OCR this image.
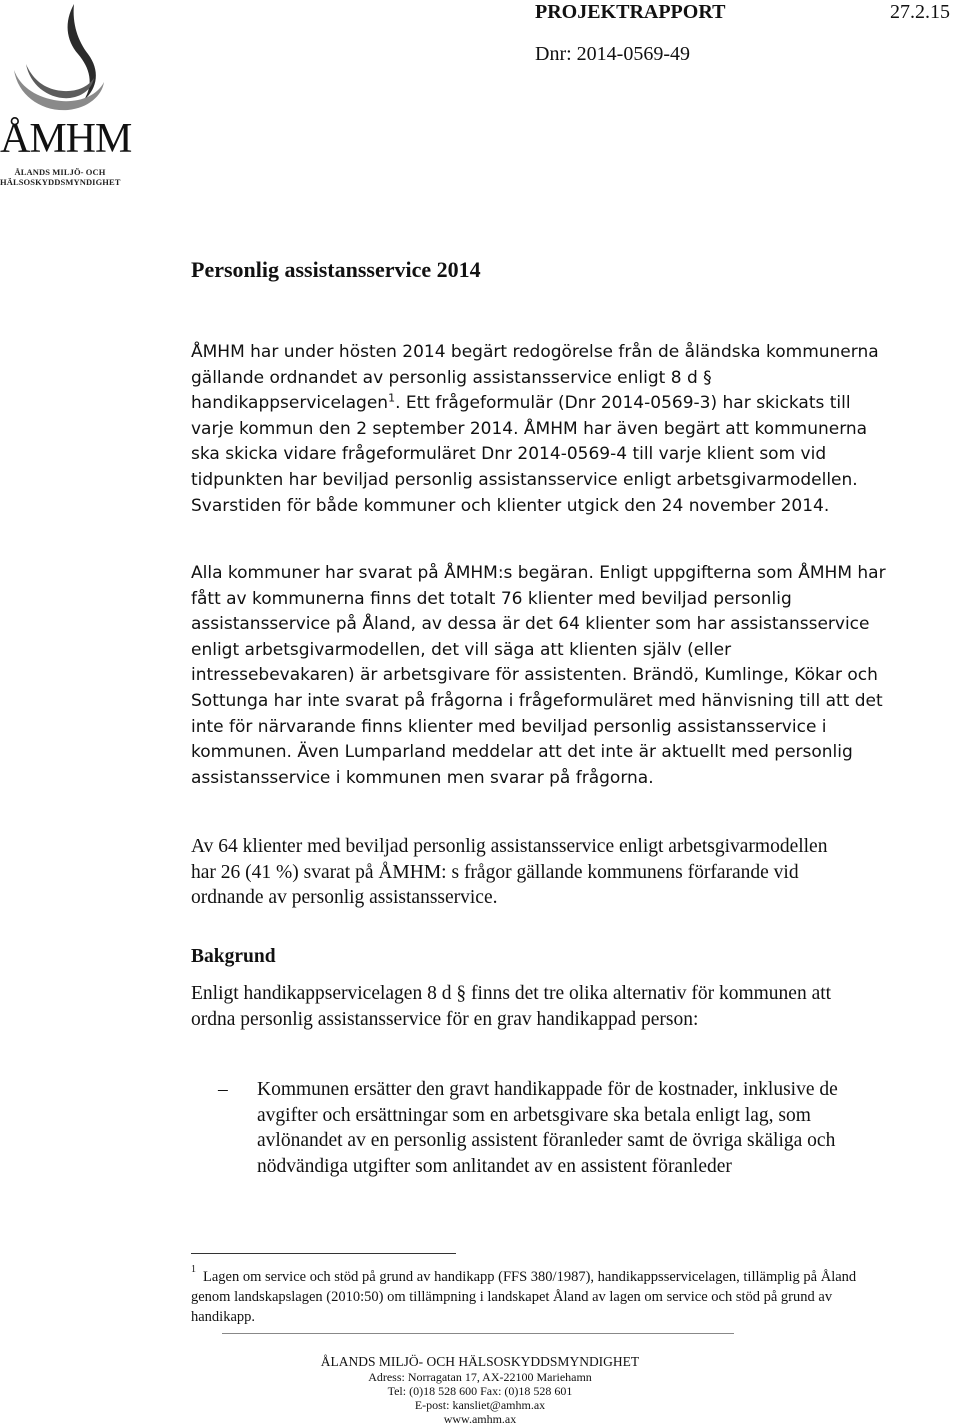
ÅMHM
ÅLANDS MILJÖ- OCH
HÄLSOSKYDDSMYNDIGHET
PROJEKTRAPPORT	27.2.15
Dnr: 2014-0569-49
Personlig assistansservice 2014

ÅMHM har under hösten 2014 begärt redogörelse från de åländska kommunerna gällande ordnandet av personlig assistansservice enligt 8 d § handikappservicelagen$^1$. Ett frågeformulär (Dnr 2014-0569-3) har skickats till varje kommun den 2 september 2014. ÅMHM har även begärt att kommunerna ska skicka vidare frågeformuläret Dnr 2014-0569-4 till varje klient som vid tidpunkten har beviljad personlig assistansservice enligt arbetsgivarmodellen. Svarstiden för både kommuner och klienter utgick den 24 november 2014.

Alla kommuner har svarat på ÅMHM:s begäran. Enligt uppgifterna som ÅMHM har fått av kommunerna finns det totalt 76 klienter med beviljad personlig assistansservice på Åland, av dessa är det 64 klienter som har assistansservice enligt arbetsgivarmodellen, det vill säga att klienten själv (eller intressebevakaren) är arbetsgivare för assistenten. Brändö, Kumlinge, Kökar och Sottunga har inte svarat på frågorna i frågeformuläret med hänvisning till att det inte för närvarande finns klienter med beviljad personlig assistansservice i kommunen. Även Lumparland meddelar att det inte är aktuellt med personlig assistansservice i kommunen men svarar på frågorna.

Av 64 klienter med beviljad personlig assistansservice enligt arbetsgivarmodellen har 26 (41 %) svarat på ÅMHM: s frågor gällande kommunens förfarande vid ordnande av personlig assistansservice.

Bakgrund

Enligt handikappservicelagen 8 d § finns det tre olika alternativ för kommunen att ordna personlig assistansservice för en grav handikappad person:

– Kommunen ersätter den gravt handikappade för de kostnader, inklusive de avgifter och ersättningar som en arbetsgivare ska betala enligt lag, som avlönandet av en personlig assistent föranleder samt de övriga skäliga och nödvändiga utgifter som anlitandet av en assistent föranleder

1 Lagen om service och stöd på grund av handikapp (FFS 380/1987), handikappsservicelagen, tillämplig på Åland genom landskapslagen (2010:50) om tillämpning i landskapet Åland av lagen om service och stöd på grund av handikapp.

ÅLANDS MILJÖ- OCH HÄLSOSKYDDSMYNDIGHET
Adress: Norragatan 17, AX-22100 Mariehamn
Tel: (0)18 528 600 Fax: (0)18 528 601
E-post: kansliet@amhm.ax
www.amhm.ax
